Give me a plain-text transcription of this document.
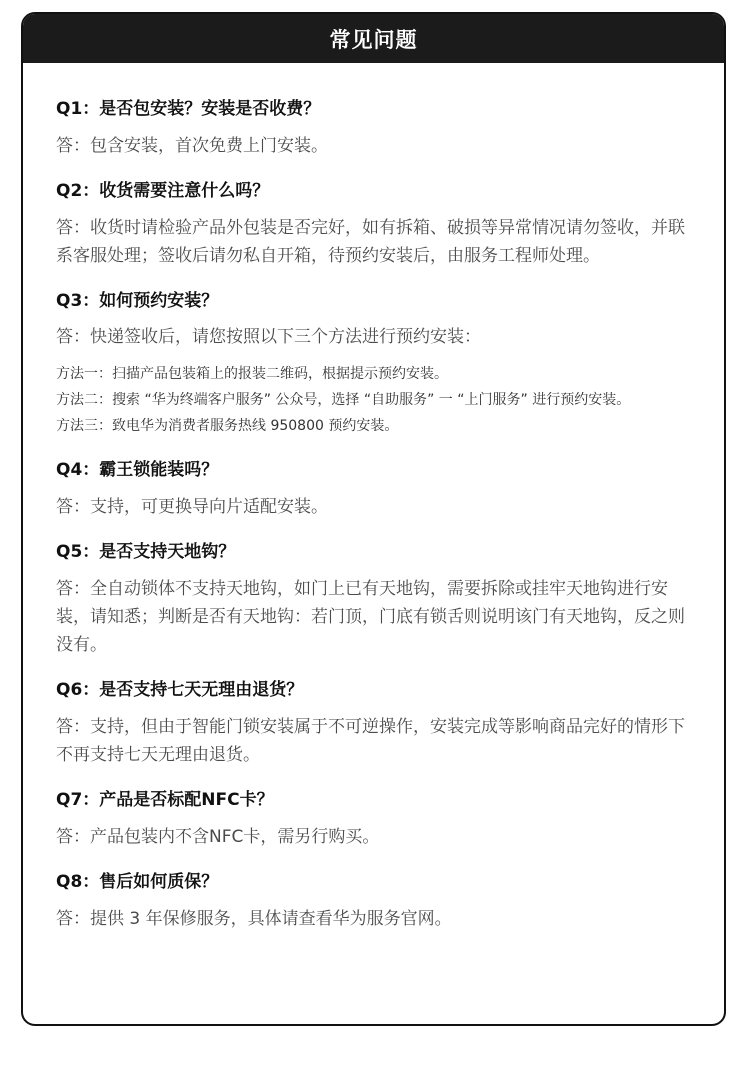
常见问题
Q1：是否包安装？安装是否收费？
答：包含安装，首次免费上门安装。
Q2：收货需要注意什么吗？
答：收货时请检验产品外包装是否完好，如有拆箱、破损等异常情况请勿签收，并联系客服处理；签收后请勿私自开箱，待预约安装后，由服务工程师处理。
Q3：如何预约安装？
答：快递签收后，请您按照以下三个方法进行预约安装：
方法一：扫描产品包装箱上的报装二维码，根据提示预约安装。
方法二：搜索 “华为终端客户服务” 公众号，选择 “自助服务” 一 “上门服务” 进行预约安装。
方法三：致电华为消费者服务热线 950800 预约安装。
Q4：霸王锁能装吗？
答：支持，可更换导向片适配安装。
Q5：是否支持天地钩？
答：全自动锁体不支持天地钩，如门上已有天地钩，需要拆除或挂牢天地钩进行安装，请知悉；判断是否有天地钩：若门顶，门底有锁舌则说明该门有天地钩，反之则没有。
Q6：是否支持七天无理由退货？
答：支持，但由于智能门锁安装属于不可逆操作，安装完成等影响商品完好的情形下不再支持七天无理由退货。
Q7：产品是否标配NFC卡？
答：产品包装内不含NFC卡，需另行购买。
Q8：售后如何质保？
答：提供 3 年保修服务，具体请查看华为服务官网。
